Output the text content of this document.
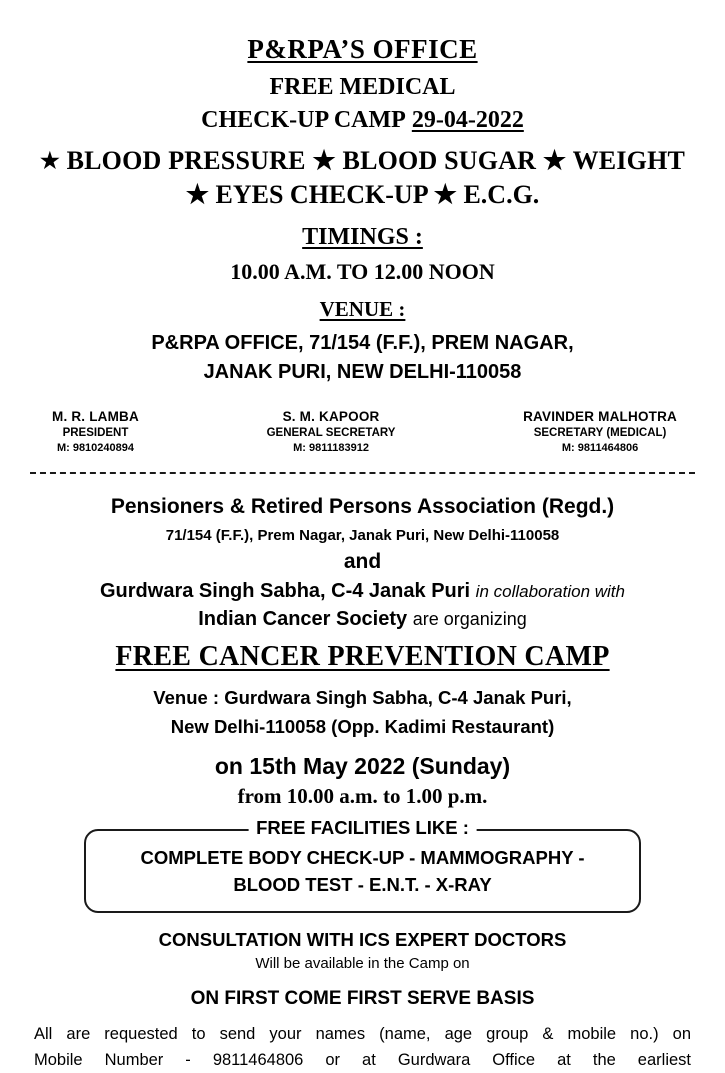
P&RPA’S OFFICE
FREE MEDICAL
CHECK-UP CAMP 29-04-2022
★ BLOOD PRESSURE ★ BLOOD SUGAR ★ WEIGHT
★ EYES CHECK-UP ★ E.C.G.
TIMINGS :
10.00 A.M. TO 12.00 NOON
VENUE :
P&RPA OFFICE, 71/154 (F.F.), PREM NAGAR,
JANAK PURI, NEW DELHI-110058
M. R. LAMBA
PRESIDENT
M: 9810240894
S. M. KAPOOR
GENERAL SECRETARY
M: 9811183912
RAVINDER MALHOTRA
SECRETARY (MEDICAL)
M: 9811464806
Pensioners & Retired Persons Association (Regd.)
71/154 (F.F.), Prem Nagar, Janak Puri, New Delhi-110058
and
Gurdwara Singh Sabha, C-4 Janak Puri in collaboration with
Indian Cancer Society are organizing
FREE CANCER PREVENTION CAMP
Venue : Gurdwara Singh Sabha, C-4 Janak Puri,
New Delhi-110058 (Opp. Kadimi Restaurant)
on 15th May 2022 (Sunday)
from 10.00 a.m. to 1.00 p.m.
FREE FACILITIES LIKE :
COMPLETE BODY CHECK-UP - MAMMOGRAPHY -
BLOOD TEST - E.N.T. - X-RAY
CONSULTATION WITH ICS EXPERT DOCTORS
Will be available in the Camp on
ON FIRST COME FIRST SERVE BASIS
All are requested to send your names (name, age group & mobile no.) on
Mobile Number - 9811464806 or at Gurdwara Office at the earliest
